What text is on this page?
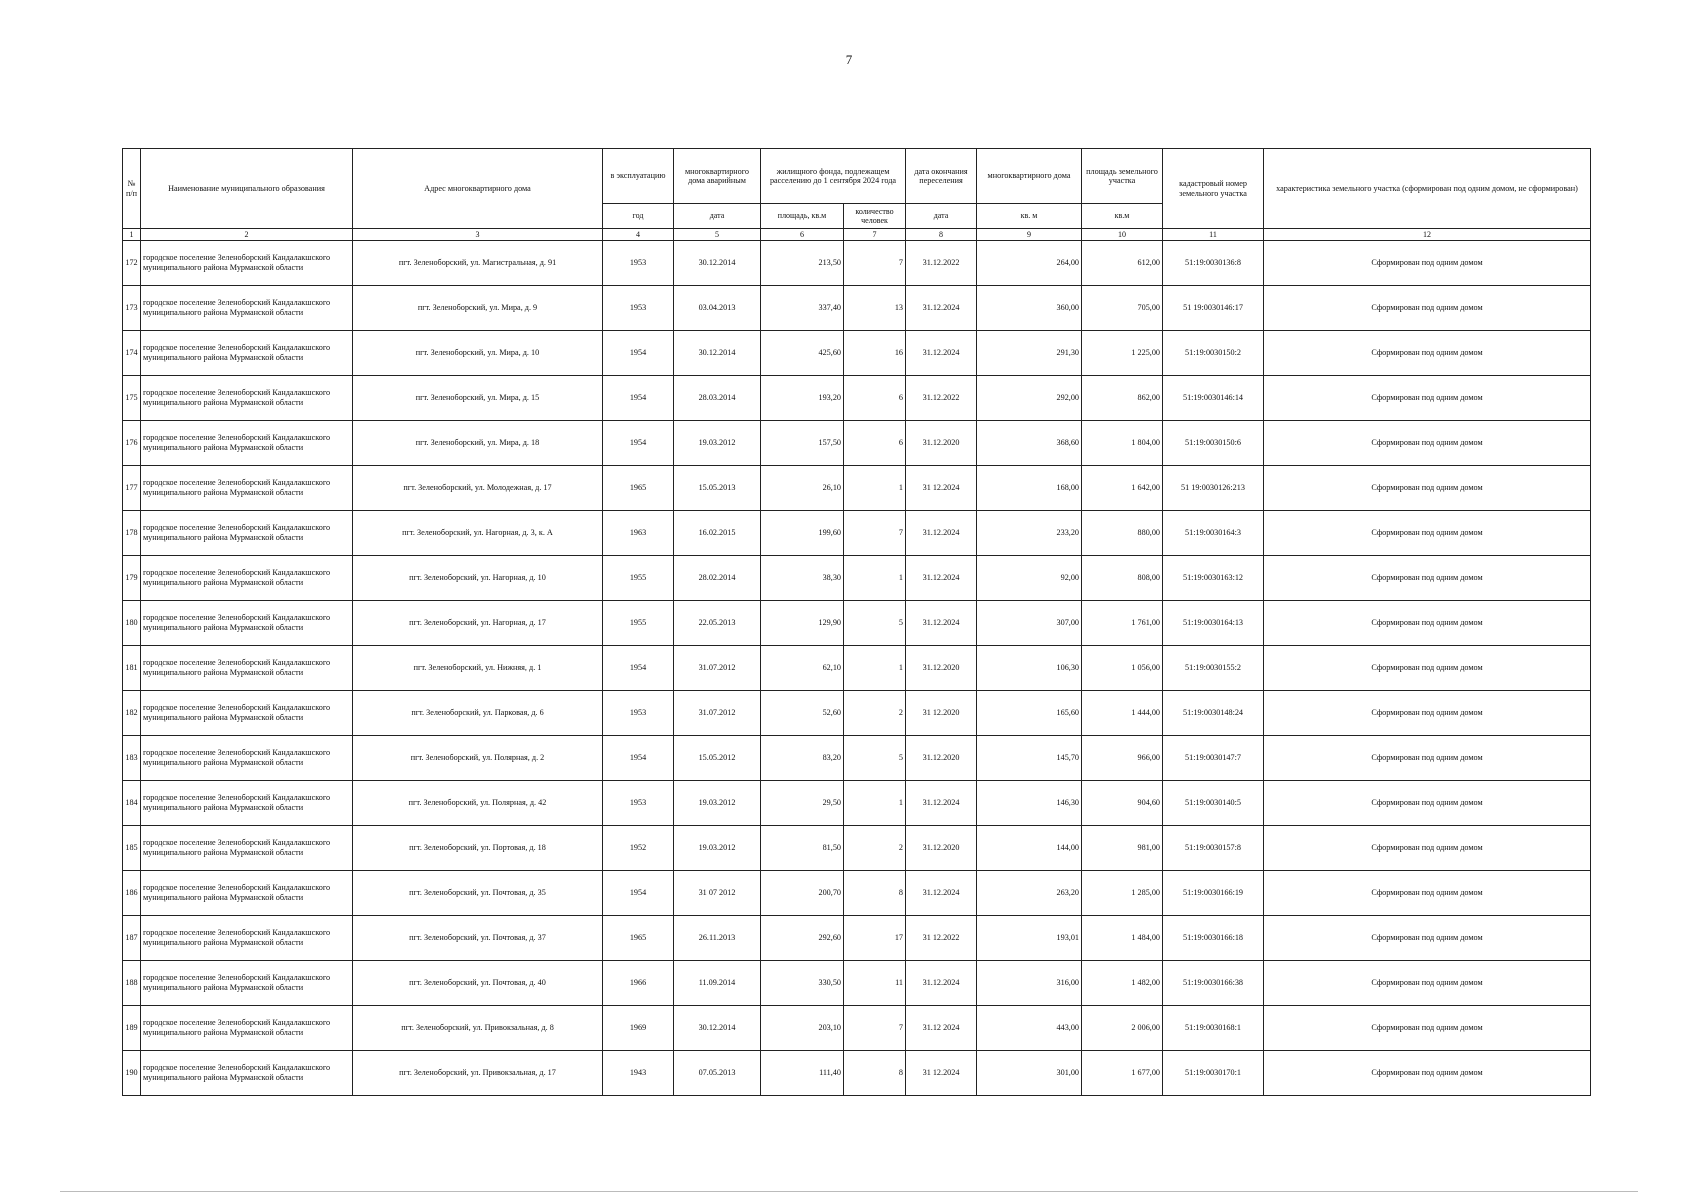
7
№ п/п	Наименование муниципального образования	Адрес многоквартирного дома	в эксплуатацию	многоквартирного дома аварийным	жилищного фонда, подлежащем расселению до 1 сентября 2024 года		дата окончания переселения	многоквартирного дома	площадь земельного участка	кадастровый номер земельного участка	характеристика земельного участка (сформирован под одним домом, не сформирован)
			год	дата	площадь, кв.м	количество человек	дата	кв. м	кв.м		
1	2	3	4	5	6	7	8	9	10	11	12
172	городское поселение Зеленоборский Кандалакшского муниципального района Мурманской области	пгт. Зеленоборский, ул. Магистральная, д. 91	1953	30.12.2014	213,50	7	31.12.2022	264,00	612,00	51:19:0030136:8	Сформирован под одним домом
173	городское поселение Зеленоборский Кандалакшского муниципального района Мурманской области	пгт. Зеленоборский, ул. Мира, д. 9	1953	03.04.2013	337,40	13	31.12.2024	360,00	705,00	51 19:0030146:17	Сформирован под одним домом
174	городское поселение Зеленоборский Кандалакшского муниципального района Мурманской области	пгт. Зеленоборский, ул. Мира, д. 10	1954	30.12.2014	425,60	16	31.12.2024	291,30	1 225,00	51:19:0030150:2	Сформирован под одним домом
175	городское поселение Зеленоборский Кандалакшского муниципального района Мурманской области	пгт. Зеленоборский, ул. Мира, д. 15	1954	28.03.2014	193,20	6	31.12.2022	292,00	862,00	51:19:0030146:14	Сформирован под одним домом
176	городское поселение Зеленоборский Кандалакшского муниципального района Мурманской области	пгт. Зеленоборский, ул. Мира, д. 18	1954	19.03.2012	157,50	6	31.12.2020	368,60	1 804,00	51:19:0030150:6	Сформирован под одним домом
177	городское поселение Зеленоборский Кандалакшского муниципального района Мурманской области	пгт. Зеленоборский, ул. Молодежная, д. 17	1965	15.05.2013	26,10	1	31 12.2024	168,00	1 642,00	51 19:0030126:213	Сформирован под одним домом
178	городское поселение Зеленоборский Кандалакшского муниципального района Мурманской области	пгт. Зеленоборский, ул. Нагорная, д. 3, к. А	1963	16.02.2015	199,60	7	31.12.2024	233,20	880,00	51:19:0030164:3	Сформирован под одним домом
179	городское поселение Зеленоборский Кандалакшского муниципального района Мурманской области	пгт. Зеленоборский, ул. Нагорная, д. 10	1955	28.02.2014	38,30	1	31.12.2024	92,00	808,00	51:19:0030163:12	Сформирован под одним домом
180	городское поселение Зеленоборский Кандалакшского муниципального района Мурманской области	пгт. Зеленоборский, ул. Нагорная, д. 17	1955	22.05.2013	129,90	5	31.12.2024	307,00	1 761,00	51:19:0030164:13	Сформирован под одним домом
181	городское поселение Зеленоборский Кандалакшского муниципального района Мурманской области	пгт. Зеленоборский, ул. Нижняя, д. 1	1954	31.07.2012	62,10	1	31.12.2020	106,30	1 056,00	51:19:0030155:2	Сформирован под одним домом
182	городское поселение Зеленоборский Кандалакшского муниципального района Мурманской области	пгт. Зеленоборский, ул. Парковая, д. 6	1953	31.07.2012	52,60	2	31 12.2020	165,60	1 444,00	51:19:0030148:24	Сформирован под одним домом
183	городское поселение Зеленоборский Кандалакшского муниципального района Мурманской области	пгт. Зеленоборский, ул. Полярная, д. 2	1954	15.05.2012	83,20	5	31.12.2020	145,70	966,00	51:19:0030147:7	Сформирован под одним домом
184	городское поселение Зеленоборский Кандалакшского муниципального района Мурманской области	пгт. Зеленоборский, ул. Полярная, д. 42	1953	19.03.2012	29,50	1	31.12.2024	146,30	904,60	51:19:0030140:5	Сформирован под одним домом
185	городское поселение Зеленоборский Кандалакшского муниципального района Мурманской области	пгт. Зеленоборский, ул. Портовая, д. 18	1952	19.03.2012	81,50	2	31.12.2020	144,00	981,00	51:19:0030157:8	Сформирован под одним домом
186	городское поселение Зеленоборский Кандалакшского муниципального района Мурманской области	пгт. Зеленоборский, ул. Почтовая, д. 35	1954	31 07 2012	200,70	8	31.12.2024	263,20	1 285,00	51:19:0030166:19	Сформирован под одним домом
187	городское поселение Зеленоборский Кандалакшского муниципального района Мурманской области	пгт. Зеленоборский, ул. Почтовая, д. 37	1965	26.11.2013	292,60	17	31 12.2022	193,01	1 484,00	51:19:0030166:18	Сформирован под одним домом
188	городское поселение Зеленоборский Кандалакшского муниципального района Мурманской области	пгт. Зеленоборский, ул. Почтовая, д. 40	1966	11.09.2014	330,50	11	31.12.2024	316,00	1 482,00	51:19:0030166:38	Сформирован под одним домом
189	городское поселение Зеленоборский Кандалакшского муниципального района Мурманской области	пгт. Зеленоборский, ул. Привокзальная, д. 8	1969	30.12.2014	203,10	7	31.12 2024	443,00	2 006,00	51:19:0030168:1	Сформирован под одним домом
190	городское поселение Зеленоборский Кандалакшского муниципального района Мурманской области	пгт. Зеленоборский, ул. Привокзальная, д. 17	1943	07.05.2013	111,40	8	31 12.2024	301,00	1 677,00	51:19:0030170:1	Сформирован под одним домом
